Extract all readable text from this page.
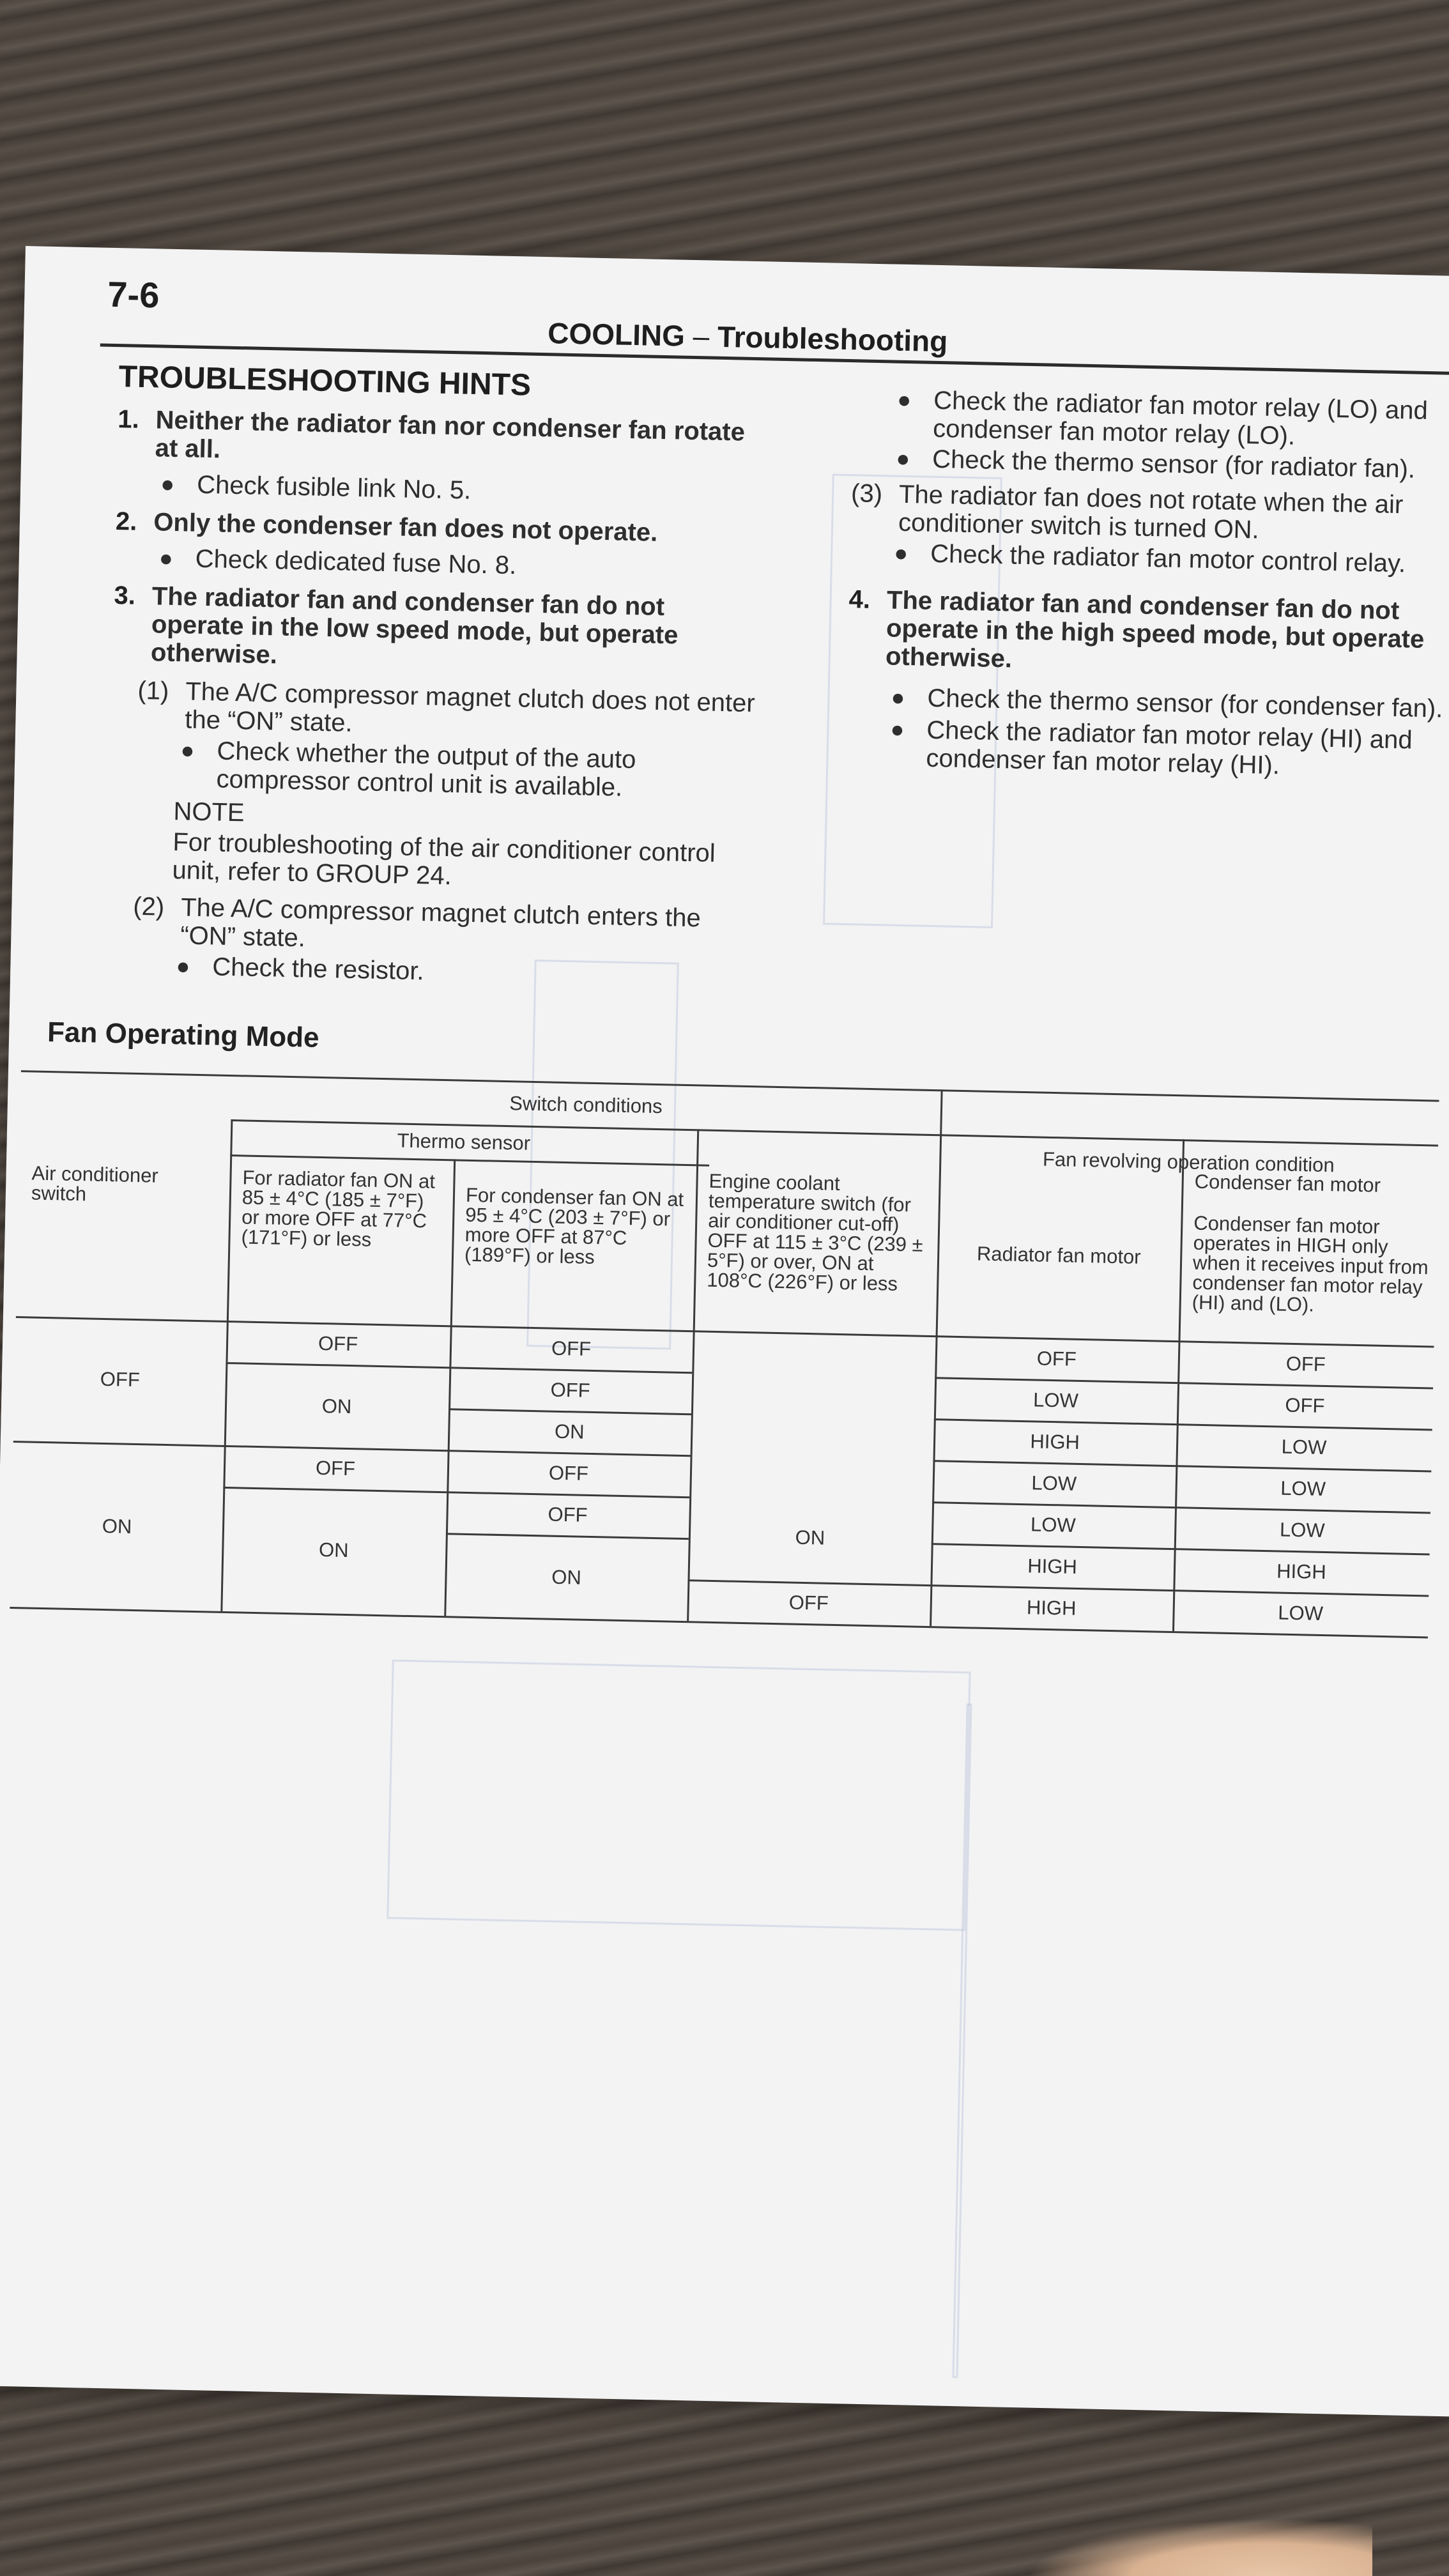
7-6
COOLING – Troubleshooting
TROUBLESHOOTING HINTS
1. Neither the radiator fan nor condenser fan rotate at all.
● Check fusible link No. 5.
2. Only the condenser fan does not operate.
● Check dedicated fuse No. 8.
3. The radiator fan and condenser fan do not operate in the low speed mode, but operate otherwise.
(1) The A/C compressor magnet clutch does not enter the “ON” state.
● Check whether the output of the auto compressor control unit is available.
NOTE
For troubleshooting of the air conditioner control unit, refer to GROUP 24.
(2) The A/C compressor magnet clutch enters the “ON” state.
● Check the resistor.
● Check the radiator fan motor relay (LO) and condenser fan motor relay (LO).
● Check the thermo sensor (for radiator fan).
(3) The radiator fan does not rotate when the air conditioner switch is turned ON.
● Check the radiator fan motor control relay.
4. The radiator fan and condenser fan do not operate in the high speed mode, but operate otherwise.
● Check the thermo sensor (for condenser fan).
● Check the radiator fan motor relay (HI) and condenser fan motor relay (HI).
Fan Operating Mode
Switch conditions
Fan revolving operation condition
Thermo sensor
Air conditioner switch
For radiator fan ON at 85 ± 4°C (185 ± 7°F) or more OFF at 77°C (171°F) or less
For condenser fan ON at 95 ± 4°C (203 ± 7°F) or more OFF at 87°C (189°F) or less
Engine coolant temperature switch (for air conditioner cut-off) OFF at 115 ± 3°C (239 ± 5°F) or over, ON at 108°C (226°F) or less
Radiator fan motor
Condenser fan motor
Condenser fan motor operates in HIGH only when it receives input from condenser fan motor relay (HI) and (LO).
OFF
ON
OFF
ON
OFF
ON
OFF
OFF
ON
OFF
OFF
ON
ON
OFF
OFF
LOW
HIGH
LOW
LOW
HIGH
HIGH
OFF
OFF
LOW
LOW
LOW
HIGH
LOW
